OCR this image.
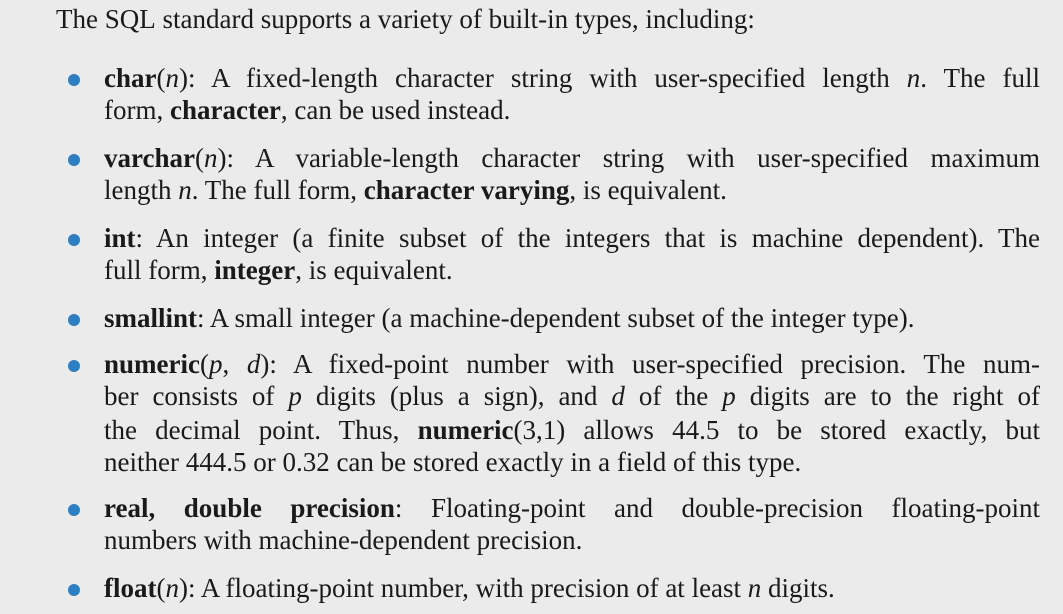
The SQL standard supports a variety of built-in types, including:
char(n): A fixed-length character string with user-specified length n. The full
form, character, can be used instead.
varchar(n): A variable-length character string with user-specified maximum
length n. The full form, character varying, is equivalent.
int: An integer (a finite subset of the integers that is machine dependent). The
full form, integer, is equivalent.
smallint: A small integer (a machine-dependent subset of the integer type).
numeric(p, d): A fixed-point number with user-specified precision. The num-
ber consists of p digits (plus a sign), and d of the p digits are to the right of
the decimal point. Thus, numeric(3,1) allows 44.5 to be stored exactly, but
neither 444.5 or 0.32 can be stored exactly in a field of this type.
real, double precision: Floating-point and double-precision floating-point
numbers with machine-dependent precision.
float(n): A floating-point number, with precision of at least n digits.
